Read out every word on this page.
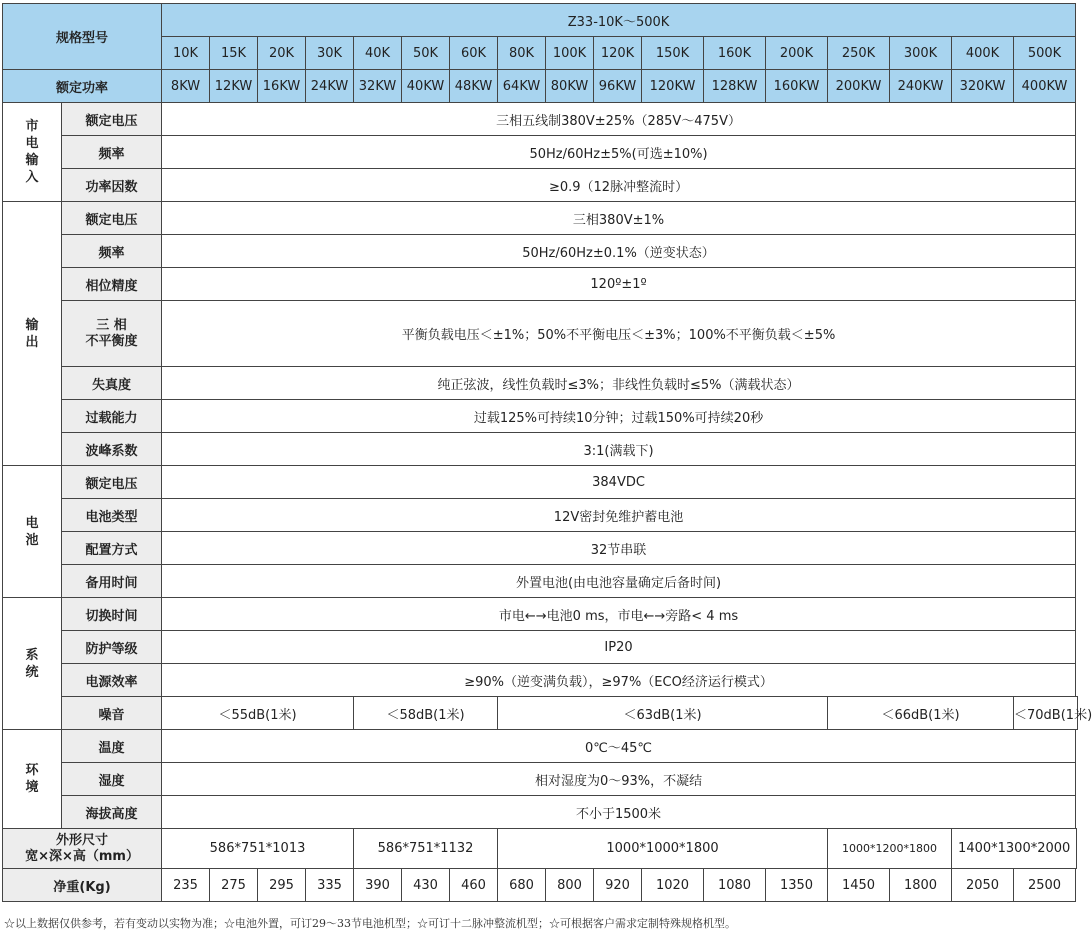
规格型号		Z33-10K～500K																
		10K	15K	20K	30K	40K	50K	60K	80K	100K	120K	150K	160K	200K	250K	300K	400K	500K
额定功率		8KW	12KW	16KW	24KW	32KW	40KW	48KW	64KW	80KW	96KW	120KW	128KW	160KW	200KW	240KW	320KW	400KW

市
电
输
入	额定电压	三相五线制380V±25%（285V～475V）																

	频率	50Hz/60Hz±5%(可选±10%)																

	功率因数	≥0.9（12脉冲整流时）																

输
出	额定电压	三相380V±1%																

	频率	50Hz/60Hz±0.1%（逆变状态）																

	相位精度	120º±1º																

	三 相
不平衡度	平衡负载电压＜±1%；50%不平衡电压＜±3%；100%不平衡负载＜±5%																

	失真度	纯正弦波，线性负载时≤3%；非线性负载时≤5%（满载状态）																

	过载能力	过载125%可持续10分钟；过载150%可持续20秒																

	波峰系数	3:1(满载下)																

电
池	额定电压	384VDC																

	电池类型	12V密封免维护蓄电池																

	配置方式	32节串联																

	备用时间	外置电池(由电池容量确定后备时间)																

系
统	切换时间	市电←→电池0 ms，市电←→旁路< 4 ms																

	防护等级	IP20																

	电源效率	≥90%（逆变满负载），≥97%（ECO经济运行模式）																
	噪音	＜55dB(1米)				＜58dB(1米)			＜63dB(1米)						＜66dB(1米)			＜70dB(1米)

环
境	温度	0℃～45℃																

	湿度	相对湿度为0～93%，不凝结																

	海拔高度	不小于1500米																

外形尺寸
宽×深×高（mm）		586*751*1013				586*751*1132			1000*1000*1800						1000*1200*1800		1400*1300*2000	
净重(Kg)		235	275	295	335	390	430	460	680	800	920	1020	1080	1350	1450	1800	2050	2500
☆以上数据仅供参考，若有变动以实物为准；☆电池外置，可订29～33节电池机型；☆可订十二脉冲整流机型；☆可根据客户需求定制特殊规格机型。
